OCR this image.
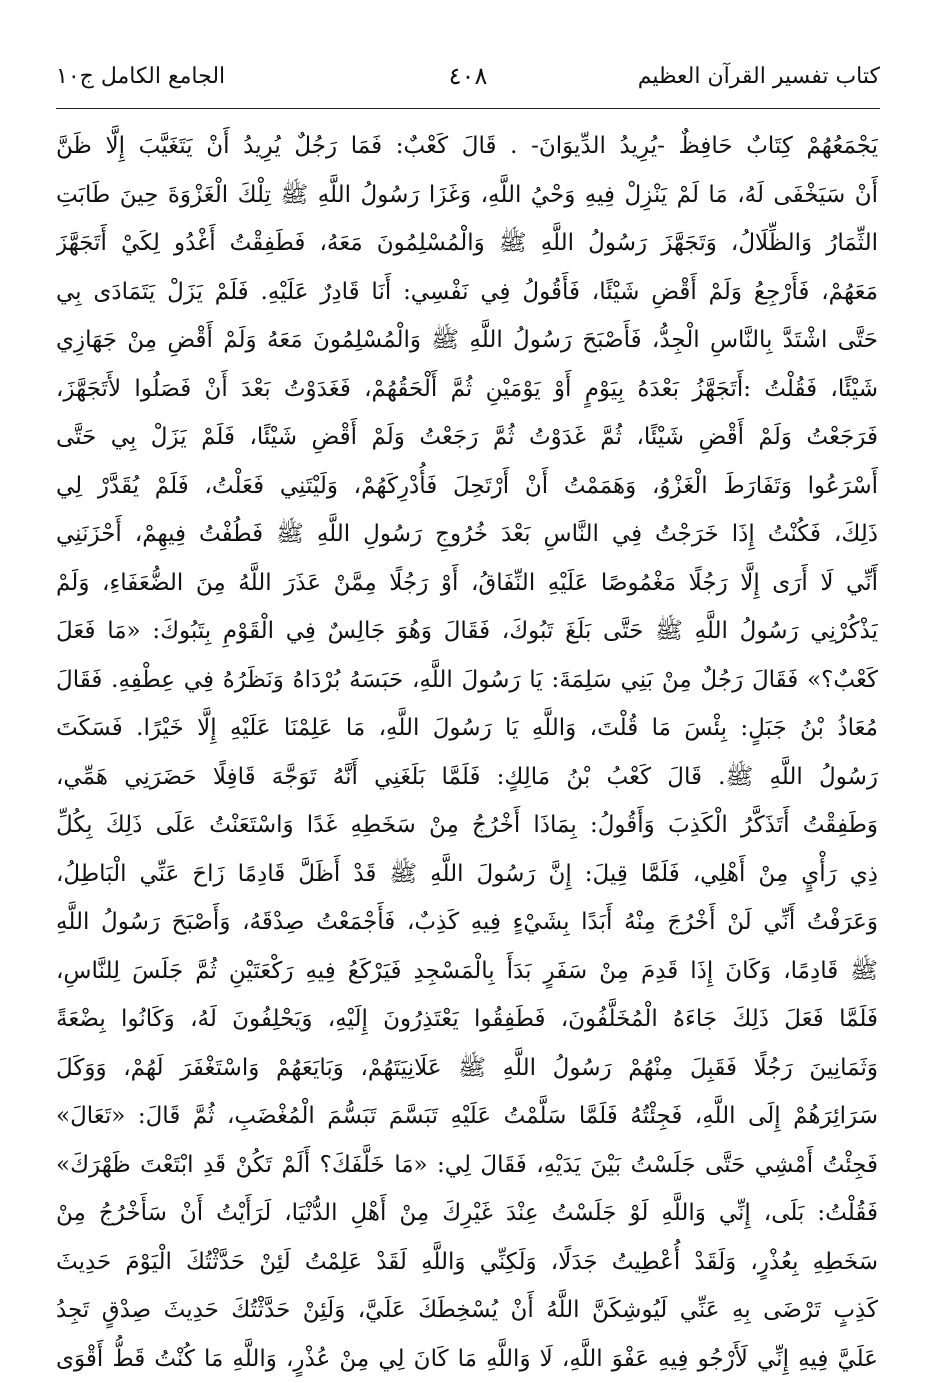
كتاب تفسير القرآن العظيم
٤٠٨
الجامع الكامل ج١٠
يَجْمَعُهُمْ كِتَابٌ حَافِظٌ -يُرِيدُ الدِّيوَانَ- . قَالَ كَعْبٌ: فَمَا رَجُلٌ يُرِيدُ أَنْ يَتَغَيَّبَ إِلَّا ظَنَّ
أَنْ سَيَخْفَى لَهُ، مَا لَمْ يَنْزِلْ فِيهِ وَحْيُ اللَّهِ، وَغَزَا رَسُولُ اللَّهِ ﷺ تِلْكَ الْغَزْوَةَ حِينَ طَابَتِ
الثِّمَارُ وَالظِّلَالُ، وَتَجَهَّزَ رَسُولُ اللَّهِ ﷺ وَالْمُسْلِمُونَ مَعَهُ، فَطَفِقْتُ أَغْدُو لِكَيْ أَتَجَهَّزَ
مَعَهُمْ، فَأَرْجِعُ وَلَمْ أَقْضِ شَيْئًا، فَأَقُولُ فِي نَفْسِي: أَنَا قَادِرٌ عَلَيْهِ. فَلَمْ يَزَلْ يَتَمَادَى بِي
حَتَّى اشْتَدَّ بِالنَّاسِ الْجِدُّ، فَأَصْبَحَ رَسُولُ اللَّهِ ﷺ وَالْمُسْلِمُونَ مَعَهُ وَلَمْ أَقْضِ مِنْ جَهَازِي
شَيْئًا، فَقُلْتُ :أَتَجَهَّزُ بَعْدَهُ بِيَوْمٍ أَوْ يَوْمَيْنِ ثُمَّ أَلْحَقُهُمْ، فَغَدَوْتُ بَعْدَ أَنْ فَصَلُوا لأَتَجَهَّزَ،
فَرَجَعْتُ وَلَمْ أَقْضِ شَيْئًا، ثُمَّ غَدَوْتُ ثُمَّ رَجَعْتُ وَلَمْ أَقْضِ شَيْئًا، فَلَمْ يَزَلْ بِي حَتَّى
أَسْرَعُوا وَتَفَارَطَ الْغَزْوُ، وَهَمَمْتُ أَنْ أَرْتَحِلَ فَأُدْرِكَهُمْ، وَلَيْتَنِي فَعَلْتُ، فَلَمْ يُقَدَّرْ لِي
ذَلِكَ، فَكُنْتُ إِذَا خَرَجْتُ فِي النَّاسِ بَعْدَ خُرُوجِ رَسُولِ اللَّهِ ﷺ فَطُفْتُ فِيهِمْ، أَحْزَنَنِي
أَنِّي لَا أَرَى إِلَّا رَجُلًا مَغْمُوصًا عَلَيْهِ النِّفَاقُ، أَوْ رَجُلًا مِمَّنْ عَذَرَ اللَّهُ مِنَ الضُّعَفَاءِ، وَلَمْ
يَذْكُرْنِي رَسُولُ اللَّهِ ﷺ حَتَّى بَلَغَ تَبُوكَ، فَقَالَ وَهُوَ جَالِسٌ فِي الْقَوْمِ بِتَبُوكَ: «مَا فَعَلَ
كَعْبٌ؟» فَقَالَ رَجُلٌ مِنْ بَنِي سَلِمَةَ: يَا رَسُولَ اللَّهِ، حَبَسَهُ بُرْدَاهُ وَنَظَرُهُ فِي عِطْفِهِ. فَقَالَ
مُعَاذُ بْنُ جَبَلٍ: بِئْسَ مَا قُلْتَ، وَاللَّهِ يَا رَسُولَ اللَّهِ، مَا عَلِمْنَا عَلَيْهِ إِلَّا خَيْرًا. فَسَكَتَ
رَسُولُ اللَّهِ ﷺ. قَالَ كَعْبُ بْنُ مَالِكٍ: فَلَمَّا بَلَغَنِي أَنَّهُ تَوَجَّهَ قَافِلًا حَضَرَنِي هَمِّي،
وَطَفِقْتُ أَتَذَكَّرُ الْكَذِبَ وَأَقُولُ: بِمَاذَا أَخْرُجُ مِنْ سَخَطِهِ غَدًا وَاسْتَعَنْتُ عَلَى ذَلِكَ بِكُلِّ
ذِي رَأْيٍ مِنْ أَهْلِي، فَلَمَّا قِيلَ: إِنَّ رَسُولَ اللَّهِ ﷺ قَدْ أَظَلَّ قَادِمًا زَاحَ عَنِّي الْبَاطِلُ،
وَعَرَفْتُ أَنِّي لَنْ أَخْرُجَ مِنْهُ أَبَدًا بِشَيْءٍ فِيهِ كَذِبٌ، فَأَجْمَعْتُ صِدْقَهُ، وَأَصْبَحَ رَسُولُ اللَّهِ
ﷺ قَادِمًا، وَكَانَ إِذَا قَدِمَ مِنْ سَفَرٍ بَدَأَ بِالْمَسْجِدِ فَيَرْكَعُ فِيهِ رَكْعَتَيْنِ ثُمَّ جَلَسَ لِلنَّاسِ،
فَلَمَّا فَعَلَ ذَلِكَ جَاءَهُ الْمُخَلَّفُونَ، فَطَفِقُوا يَعْتَذِرُونَ إِلَيْهِ، وَيَحْلِفُونَ لَهُ، وَكَانُوا بِضْعَةً
وَثَمَانِينَ رَجُلًا فَقَبِلَ مِنْهُمْ رَسُولُ اللَّهِ ﷺ عَلَانِيَتَهُمْ، وَبَايَعَهُمْ وَاسْتَغْفَرَ لَهُمْ، وَوَكَلَ
سَرَائِرَهُمْ إِلَى اللَّهِ، فَجِئْتُهُ فَلَمَّا سَلَّمْتُ عَلَيْهِ تَبَسَّمَ تَبَسُّمَ الْمُغْضَبِ، ثُمَّ قَالَ: «تَعَالَ»
فَجِئْتُ أَمْشِي حَتَّى جَلَسْتُ بَيْنَ يَدَيْهِ، فَقَالَ لِي: «مَا خَلَّفَكَ؟ أَلَمْ تَكُنْ قَدِ ابْتَعْتَ ظَهْرَكَ»
فَقُلْتُ: بَلَى، إِنِّي وَاللَّهِ لَوْ جَلَسْتُ عِنْدَ غَيْرِكَ مِنْ أَهْلِ الدُّنْيَا، لَرَأَيْتُ أَنْ سَأَخْرُجُ مِنْ
سَخَطِهِ بِعُذْرٍ، وَلَقَدْ أُعْطِيتُ جَدَلًا، وَلَكِنِّي وَاللَّهِ لَقَدْ عَلِمْتُ لَئِنْ حَدَّثْتُكَ الْيَوْمَ حَدِيثَ
كَذِبٍ تَرْضَى بِهِ عَنِّي لَيُوشِكَنَّ اللَّهُ أَنْ يُسْخِطَكَ عَلَيَّ، وَلَئِنْ حَدَّثْتُكَ حَدِيثَ صِدْقٍ تَجِدُ
عَلَيَّ فِيهِ إِنِّي لَأَرْجُو فِيهِ عَفْوَ اللَّهِ، لَا وَاللَّهِ مَا كَانَ لِي مِنْ عُذْرٍ، وَاللَّهِ مَا كُنْتُ قَطُّ أَقْوَى
